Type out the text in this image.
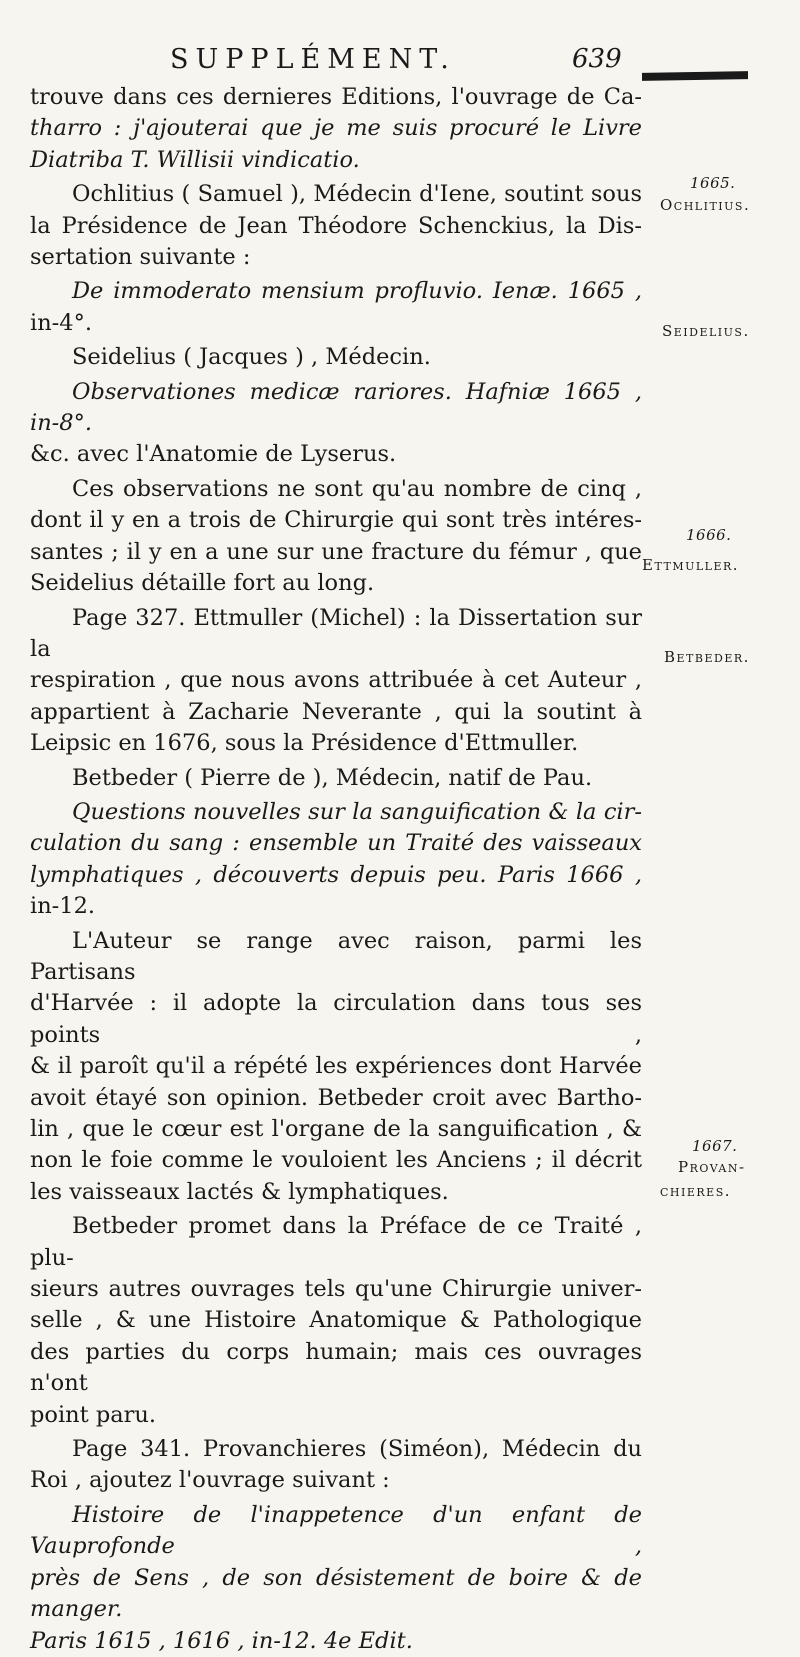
SUPPLÉMENT.	639

trouve dans ces dernieres Editions, l'ouvrage de Ca-
tharro : j'ajouterai que je me suis procuré le Livre
Diatriba T. Willisii vindicatio.

Ochlitius ( Samuel ), Médecin d'Iene, soutint sous
la Présidence de Jean Théodore Schenckius, la Dis-
sertation suivante :

De immoderato mensium profluvio. Ienæ. 1665 ,
in-4°.

Seidelius ( Jacques ) , Médecin.

Observationes medicæ rariores. Hafniæ 1665 , in-8°.
&c. avec l'Anatomie de Lyserus.

Ces observations ne sont qu'au nombre de cinq ,
dont il y en a trois de Chirurgie qui sont très intéres-
santes ; il y en a une sur une fracture du fémur , que
Seidelius détaille fort au long.

Page 327. Ettmuller (Michel) : la Dissertation sur la
respiration , que nous avons attribuée à cet Auteur ,
appartient à Zacharie Neverante , qui la soutint à
Leipsic en 1676, sous la Présidence d'Ettmuller.

Betbeder ( Pierre de ), Médecin, natif de Pau.

Questions nouvelles sur la sanguification & la cir-
culation du sang : ensemble un Traité des vaisseaux
lymphatiques , découverts depuis peu. Paris 1666 ,
in-12.

L'Auteur se range avec raison, parmi les Partisans
d'Harvée : il adopte la circulation dans tous ses points ,
& il paroît qu'il a répété les expériences dont Harvée
avoit étayé son opinion. Betbeder croit avec Bartho-
lin , que le cœur est l'organe de la sanguification , &
non le foie comme le vouloient les Anciens ; il décrit
les vaisseaux lactés & lymphatiques.

Betbeder promet dans la Préface de ce Traité , plu-
sieurs autres ouvrages tels qu'une Chirurgie univer-
selle , & une Histoire Anatomique & Pathologique
des parties du corps humain; mais ces ouvrages n'ont
point paru.

Page 341. Provanchieres (Siméon), Médecin du
Roi , ajoutez l'ouvrage suivant :

Histoire de l'inappetence d'un enfant de Vauprofonde ,
près de Sens , de son désistement de boire & de manger.
Paris 1615 , 1616 , in-12. 4e Edit.

1665.
Ochlitius.
Seidelius.
1666.
Ettmuller.
Betbeder.
1667.
Provan-
chieres.
